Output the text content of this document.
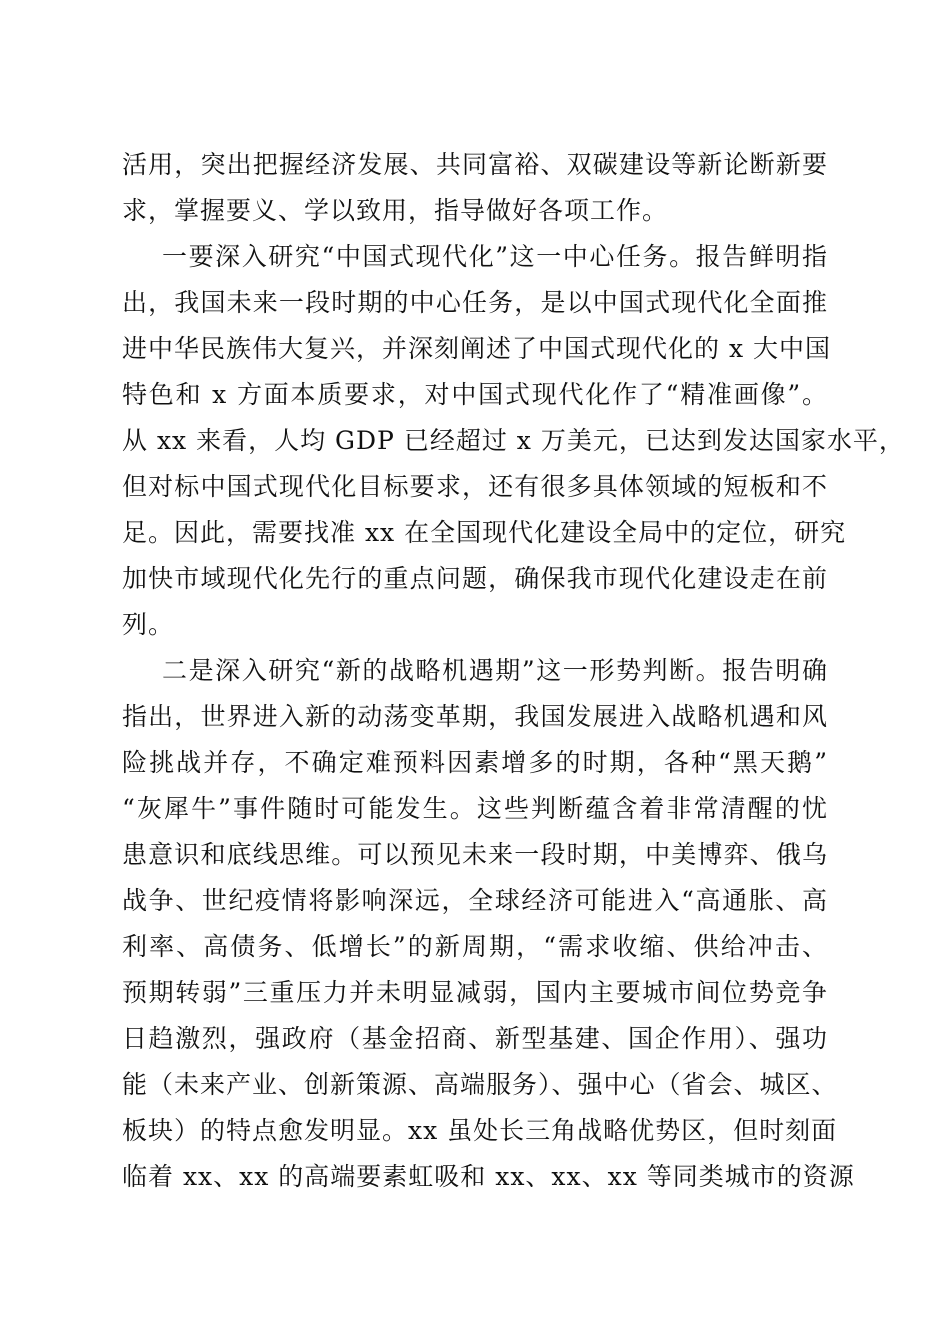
活用，突出把握经济发展、共同富裕、双碳建设等新论断新要
求，掌握要义、学以致用，指导做好各项工作。
一要深入研究“中国式现代化”这一中心任务。报告鲜明指
出，我国未来一段时期的中心任务，是以中国式现代化全面推
进中华民族伟大复兴，并深刻阐述了中国式现代化的 x 大中国
特色和 x 方面本质要求，对中国式现代化作了“精准画像”。
从 xx 来看，人均 GDP 已经超过 x 万美元，已达到发达国家水平，
但对标中国式现代化目标要求，还有很多具体领域的短板和不
足。因此，需要找准 xx 在全国现代化建设全局中的定位，研究
加快市域现代化先行的重点问题，确保我市现代化建设走在前
列。
二是深入研究“新的战略机遇期”这一形势判断。报告明确
指出，世界进入新的动荡变革期，我国发展进入战略机遇和风
险挑战并存，不确定难预料因素增多的时期，各种“黑天鹅”
“灰犀牛”事件随时可能发生。这些判断蕴含着非常清醒的忧
患意识和底线思维。可以预见未来一段时期，中美博弈、俄乌
战争、世纪疫情将影响深远，全球经济可能进入“高通胀、高
利率、高债务、低增长”的新周期，“需求收缩、供给冲击、
预期转弱”三重压力并未明显减弱，国内主要城市间位势竞争
日趋激烈，强政府（基金招商、新型基建、国企作用）、强功
能（未来产业、创新策源、高端服务）、强中心（省会、城区、
板块）的特点愈发明显。xx 虽处长三角战略优势区，但时刻面
临着 xx、xx 的高端要素虹吸和 xx、xx、xx 等同类城市的资源
